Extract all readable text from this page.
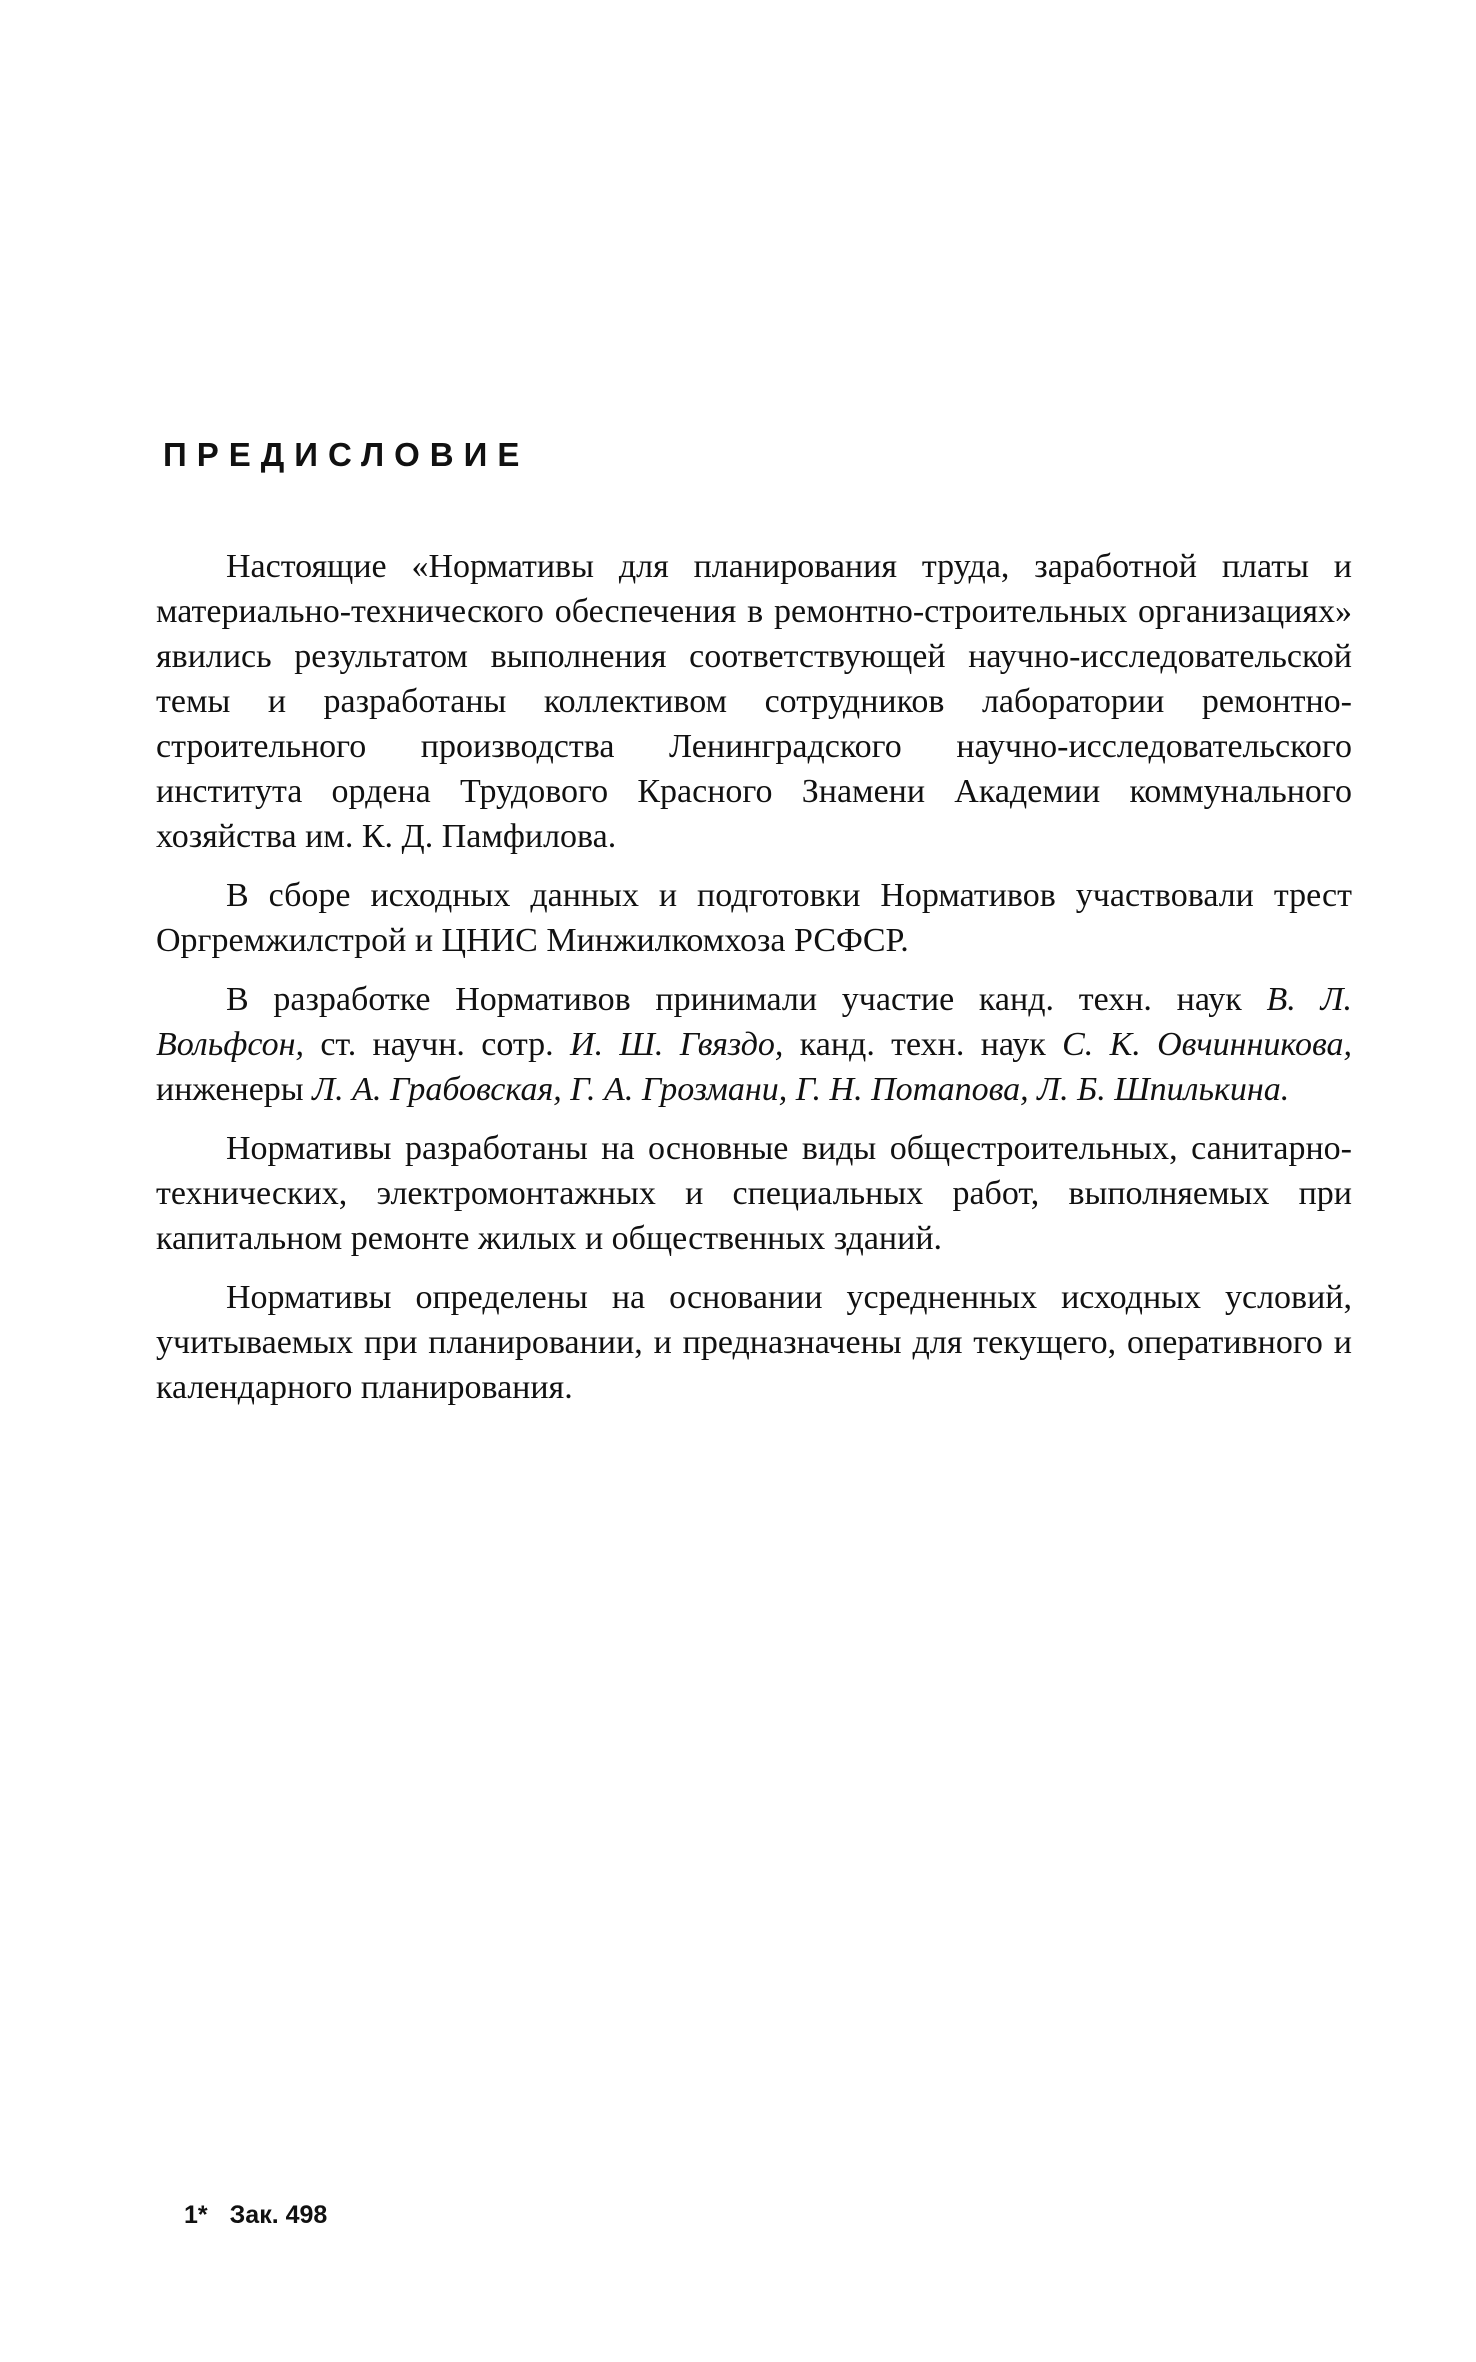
ПРЕДИСЛОВИЕ

Настоящие «Нормативы для планирования труда, заработной платы и материально-технического обеспечения в ремонтно-строительных организациях» явились результатом выполнения соответствующей научно-исследовательской темы и разработаны коллективом сотрудников лаборатории ремонтно-строительного производства Ленинградского научно-исследовательского института ордена Трудового Красного Знамени Академии коммунального хозяйства им. К. Д. Памфилова.

В сборе исходных данных и подготовки Нормативов участвовали трест Оргремжилстрой и ЦНИС Минжилкомхоза РСФСР.

В разработке Нормативов принимали участие канд. техн. наук В. Л. Вольфсон, ст. научн. сотр. И. Ш. Гвяздо, канд. техн. наук С. К. Овчинникова, инженеры Л. А. Грабовская, Г. А. Грозмани, Г. Н. Потапова, Л. Б. Шпилькина.

Нормативы разработаны на основные виды общестроительных, санитарно-технических, электромонтажных и специальных работ, выполняемых при капитальном ремонте жилых и общественных зданий.

Нормативы определены на основании усредненных исходных условий, учитываемых при планировании, и предназначены для текущего, оперативного и календарного планирования.

1* Зак. 498
